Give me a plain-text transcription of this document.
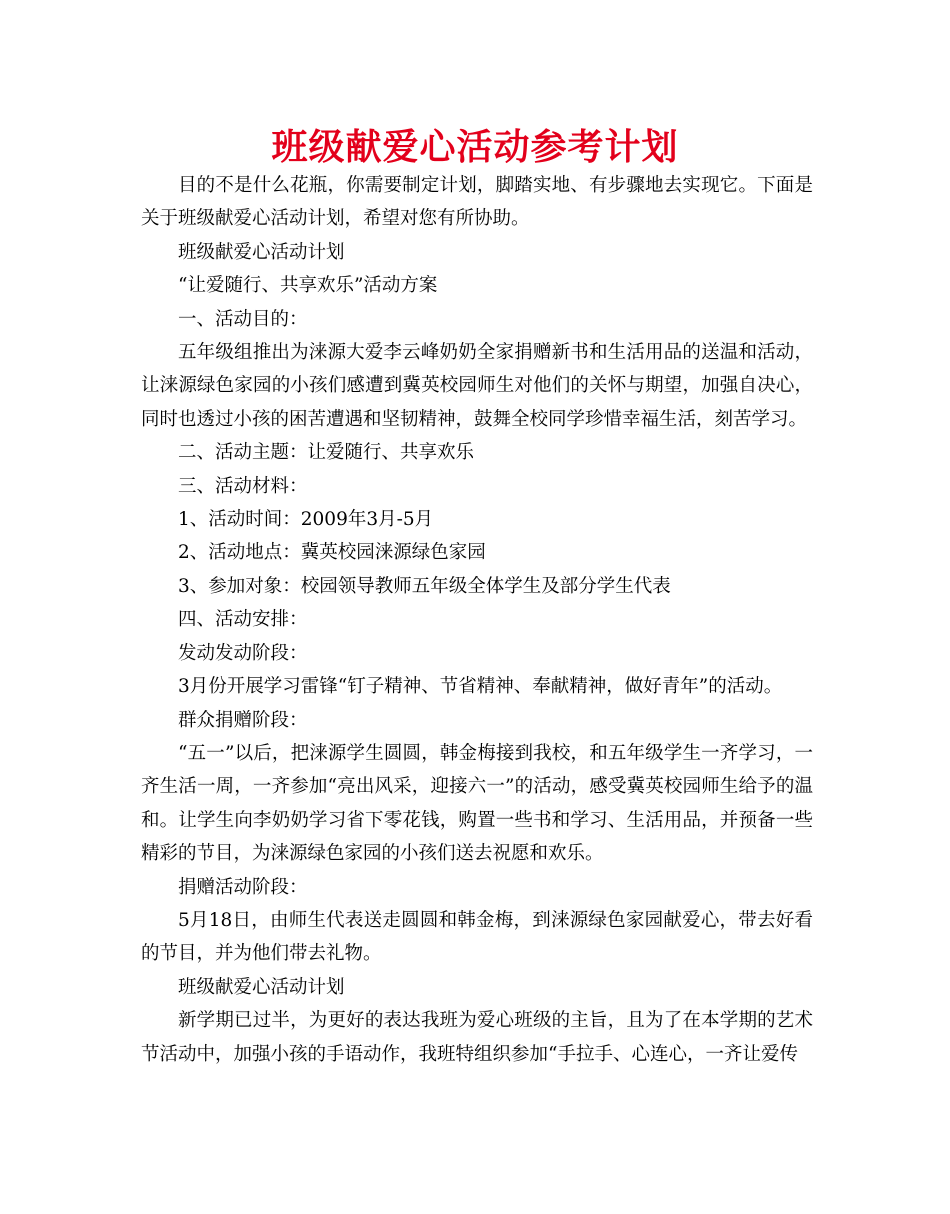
班级献爱心活动参考计划

目的不是什么花瓶，你需要制定计划，脚踏实地、有步骤地去实现它。下面是关于班级献爱心活动计划，希望对您有所协助。

班级献爱心活动计划

“让爱随行、共享欢乐”活动方案

一、活动目的：

五年级组推出为涞源大爱李云峰奶奶全家捐赠新书和生活用品的送温和活动，让涞源绿色家园的小孩们感遭到冀英校园师生对他们的关怀与期望，加强自决心，同时也透过小孩的困苦遭遇和坚韧精神，鼓舞全校同学珍惜幸福生活，刻苦学习。

二、活动主题：让爱随行、共享欢乐

三、活动材料：

1、活动时间：2009年3月-5月

2、活动地点：冀英校园涞源绿色家园

3、参加对象：校园领导教师五年级全体学生及部分学生代表

四、活动安排：

发动发动阶段：

3月份开展学习雷锋“钉子精神、节省精神、奉献精神，做好青年”的活动。

群众捐赠阶段：

“五一”以后，把涞源学生圆圆，韩金梅接到我校，和五年级学生一齐学习，一齐生活一周，一齐参加“亮出风采，迎接六一”的活动，感受冀英校园师生给予的温和。让学生向李奶奶学习省下零花钱，购置一些书和学习、生活用品，并预备一些精彩的节目，为涞源绿色家园的小孩们送去祝愿和欢乐。

捐赠活动阶段：

5月18日，由师生代表送走圆圆和韩金梅，到涞源绿色家园献爱心，带去好看的节目，并为他们带去礼物。

班级献爱心活动计划

新学期已过半，为更好的表达我班为爱心班级的主旨，且为了在本学期的艺术节活动中，加强小孩的手语动作，我班特组织参加“手拉手、心连心，一齐让爱传
